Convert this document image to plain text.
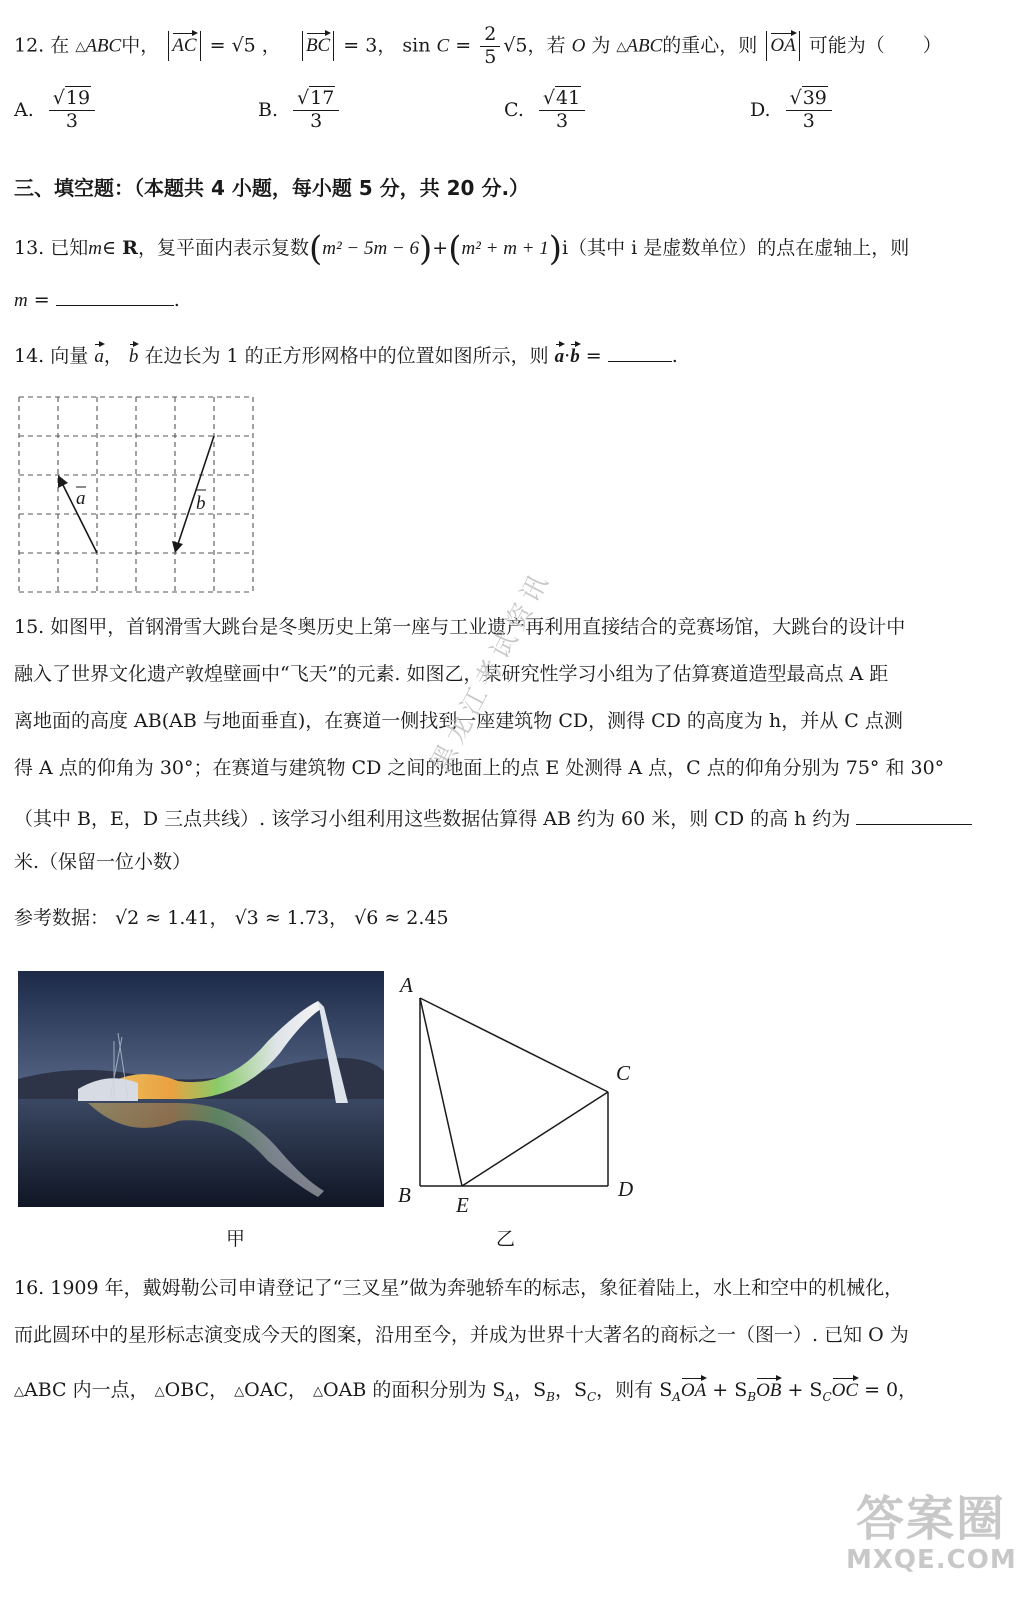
12. 在 △ABC中， AC = √5 ， BC = 3， $\sin C = \frac{2}{5} √5$，若 O 为 △ABC的重心，则 OA 可能为（　　）
A. $\frac{√19}{3}$	B. $\frac{√17}{3}$	C. $\frac{√41}{3}$	D. $\frac{√39}{3}$
三、填空题：（本题共 4 小题，每小题 5 分，共 20 分.）
13. 已知m∈ R，复平面内表示复数(m² − 5m − 6)+(m² + m + 1)i（其中 i 是虚数单位）的点在虚轴上，则
m =	.
14. 向量 a， b 在边长为 1 的正方形网格中的位置如图所示，则 a·b =	.
a	b
15. 如图甲，首钢滑雪大跳台是冬奥历史上第一座与工业遗产再利用直接结合的竞赛场馆，大跳台的设计中
融入了世界文化遗产敦煌壁画中“飞天”的元素. 如图乙，某研究性学习小组为了估算赛道造型最高点 A 距
离地面的高度 AB(AB 与地面垂直)，在赛道一侧找到一座建筑物 CD，测得 CD 的高度为 h，并从 C 点测
得 A 点的仰角为 30°；在赛道与建筑物 CD 之间的地面上的点 E 处测得 A 点，C 点的仰角分别为 75° 和 30°
（其中 B，E，D 三点共线）. 该学习小组利用这些数据估算得 AB 约为 60 米，则 CD 的高 h 约为
米.（保留一位小数）
参考数据： √2 ≈ 1.41， √3 ≈ 1.73， √6 ≈ 2.45
黑龙江考试资讯
甲
A
C
B E
D
乙
16. 1909 年，戴姆勒公司申请登记了“三叉星”做为奔驰轿车的标志，象征着陆上，水上和空中的机械化，
而此圆环中的星形标志演变成今天的图案，沿用至今，并成为世界十大著名的商标之一（图一）. 已知 O 为
△ABC 内一点， △OBC， △OAC， △OAB 的面积分别为 $S_A$，$S_B$，$S_C$，则有 $S_AOA + S_BOB + S_COC = 0$，
答案圈
MXQE.COM
